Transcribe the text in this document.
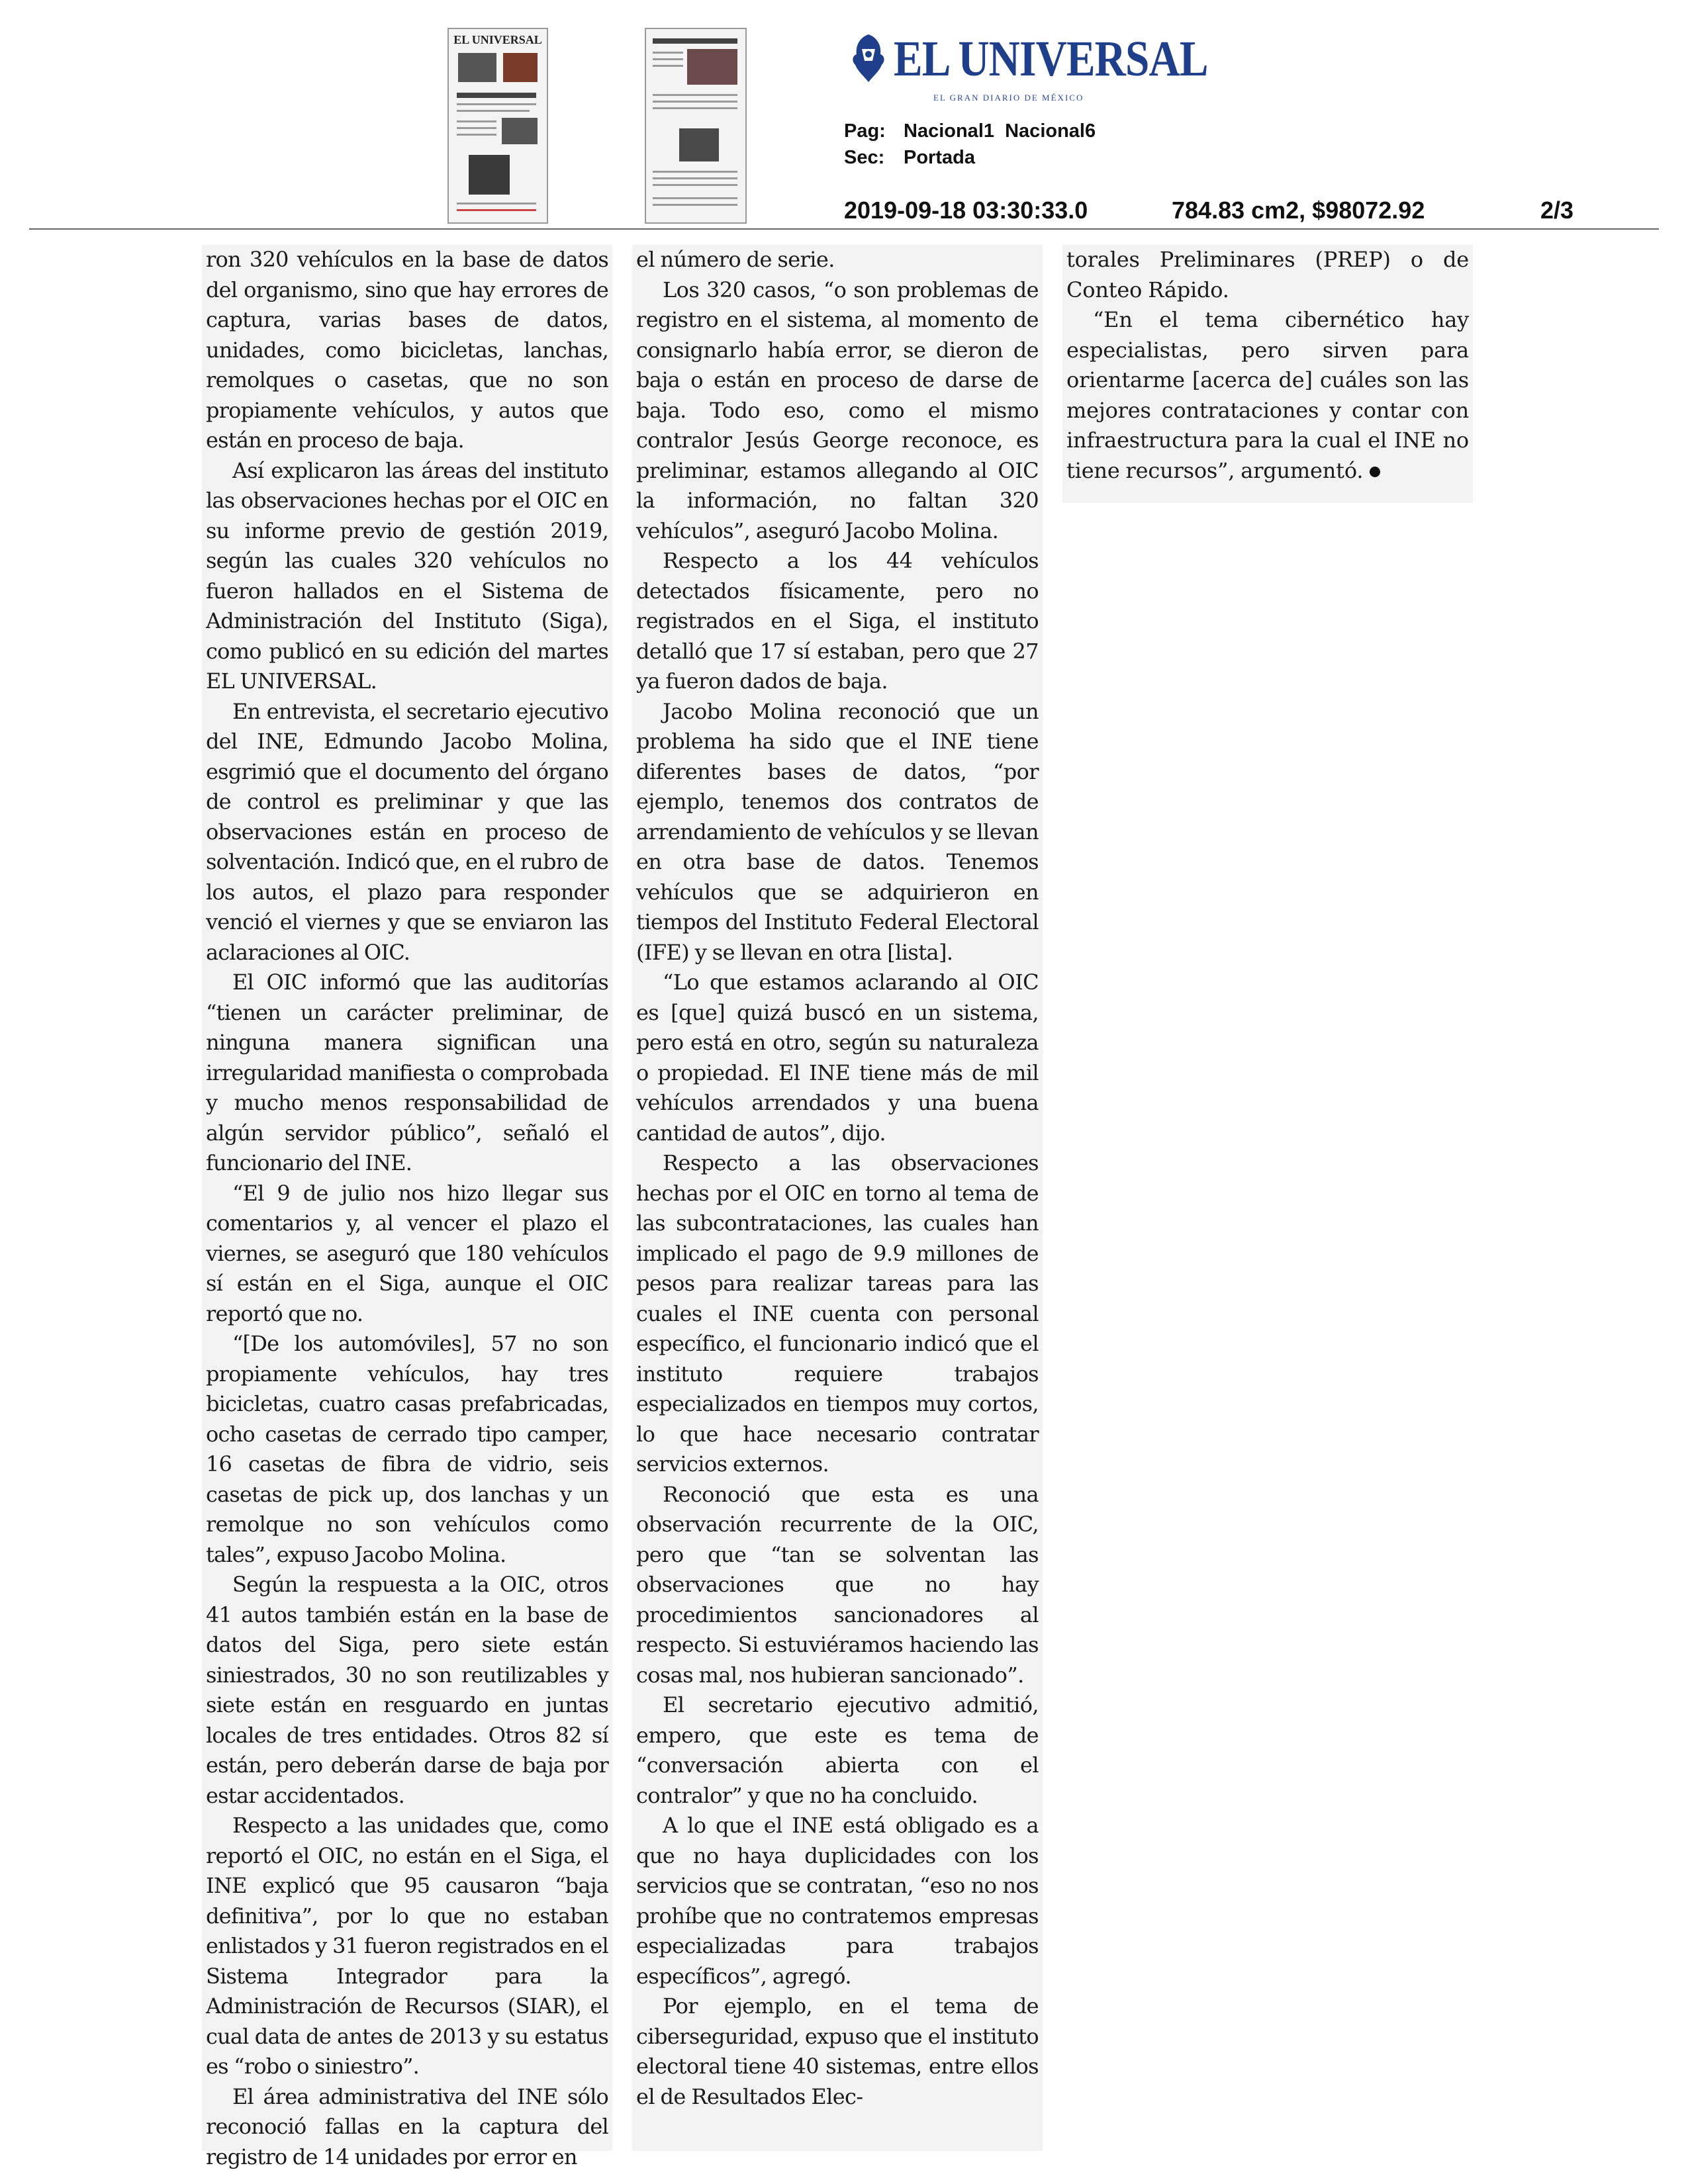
EL UNIVERSAL	EL UNIVERSAL
EL GRAN DIARIO DE MÉXICO
Pag: Nacional1  Nacional6
Sec: Portada
2019-09-18 03:30:33.0	784.83 cm2, $98072.92	2/3

ron 320 vehículos en la base de datos del organismo, sino que hay errores de captura, varias bases de datos, unidades, como bicicletas, lanchas, remolques o casetas, que no son propiamente vehículos, y autos que están en proceso de baja.

Así explicaron las áreas del instituto las observaciones hechas por el OIC en su informe previo de gestión 2019, según las cuales 320 vehículos no fueron hallados en el Sistema de Administración del Instituto (Siga), como publicó en su edición del martes EL UNIVERSAL.

En entrevista, el secretario ejecutivo del INE, Edmundo Jacobo Molina, esgrimió que el documento del órgano de control es preliminar y que las observaciones están en proceso de solventación. Indicó que, en el rubro de los autos, el plazo para responder venció el viernes y que se enviaron las aclaraciones al OIC.

El OIC informó que las auditorías “tienen un carácter preliminar, de ninguna manera significan una irregularidad manifiesta o comprobada y mucho menos responsabilidad de algún servidor público”, señaló el funcionario del INE.

“El 9 de julio nos hizo llegar sus comentarios y, al vencer el plazo el viernes, se aseguró que 180 vehículos sí están en el Siga, aunque el OIC reportó que no.

“[De los automóviles], 57 no son propiamente vehículos, hay tres bicicletas, cuatro casas prefabricadas, ocho casetas de cerrado tipo camper, 16 casetas de fibra de vidrio, seis casetas de pick up, dos lanchas y un remolque no son vehículos como tales”, expuso Jacobo Molina.

Según la respuesta a la OIC, otros 41 autos también están en la base de datos del Siga, pero siete están siniestrados, 30 no son reutilizables y siete están en resguardo en juntas locales de tres entidades. Otros 82 sí están, pero deberán darse de baja por estar accidentados.

Respecto a las unidades que, como reportó el OIC, no están en el Siga, el INE explicó que 95 causaron “baja definitiva”, por lo que no estaban enlistados y 31 fueron registrados en el Sistema Integrador para la Administración de Recursos (SIAR), el cual data de antes de 2013 y su estatus es “robo o siniestro”.

El área administrativa del INE sólo reconoció fallas en la captura del registro de 14 unidades por error en

el número de serie.

Los 320 casos, “o son problemas de registro en el sistema, al momento de consignarlo había error, se dieron de baja o están en proceso de darse de baja. Todo eso, como el mismo contralor Jesús George reconoce, es preliminar, estamos allegando al OIC la información, no faltan 320 vehículos”, aseguró Jacobo Molina.

Respecto a los 44 vehículos detectados físicamente, pero no registrados en el Siga, el instituto detalló que 17 sí estaban, pero que 27 ya fueron dados de baja.

Jacobo Molina reconoció que un problema ha sido que el INE tiene diferentes bases de datos, “por ejemplo, tenemos dos contratos de arrendamiento de vehículos y se llevan en otra base de datos. Tenemos vehículos que se adquirieron en tiempos del Instituto Federal Electoral (IFE) y se llevan en otra [lista].

“Lo que estamos aclarando al OIC es [que] quizá buscó en un sistema, pero está en otro, según su naturaleza o propiedad. El INE tiene más de mil vehículos arrendados y una buena cantidad de autos”, dijo.

Respecto a las observaciones hechas por el OIC en torno al tema de las subcontrataciones, las cuales han implicado el pago de 9.9 millones de pesos para realizar tareas para las cuales el INE cuenta con personal específico, el funcionario indicó que el instituto requiere trabajos especializados en tiempos muy cortos, lo que hace necesario contratar servicios externos.

Reconoció que esta es una observación recurrente de la OIC, pero que “tan se solventan las observaciones que no hay procedimientos sancionadores al respecto. Si estuviéramos haciendo las cosas mal, nos hubieran sancionado”.

El secretario ejecutivo admitió, empero, que este es tema de “conversación abierta con el contralor” y que no ha concluido.

A lo que el INE está obligado es a que no haya duplicidades con los servicios que se contratan, “eso no nos prohíbe que no contratemos empresas especializadas para trabajos específicos”, agregó.

Por ejemplo, en el tema de ciberseguridad, expuso que el instituto electoral tiene 40 sistemas, entre ellos el de Resultados Elec-

torales Preliminares (PREP) o de Conteo Rápido.

“En el tema cibernético hay especialistas, pero sirven para orientarme [acerca de] cuáles son las mejores contrataciones y contar con infraestructura para la cual el INE no tiene recursos”, argumentó.
